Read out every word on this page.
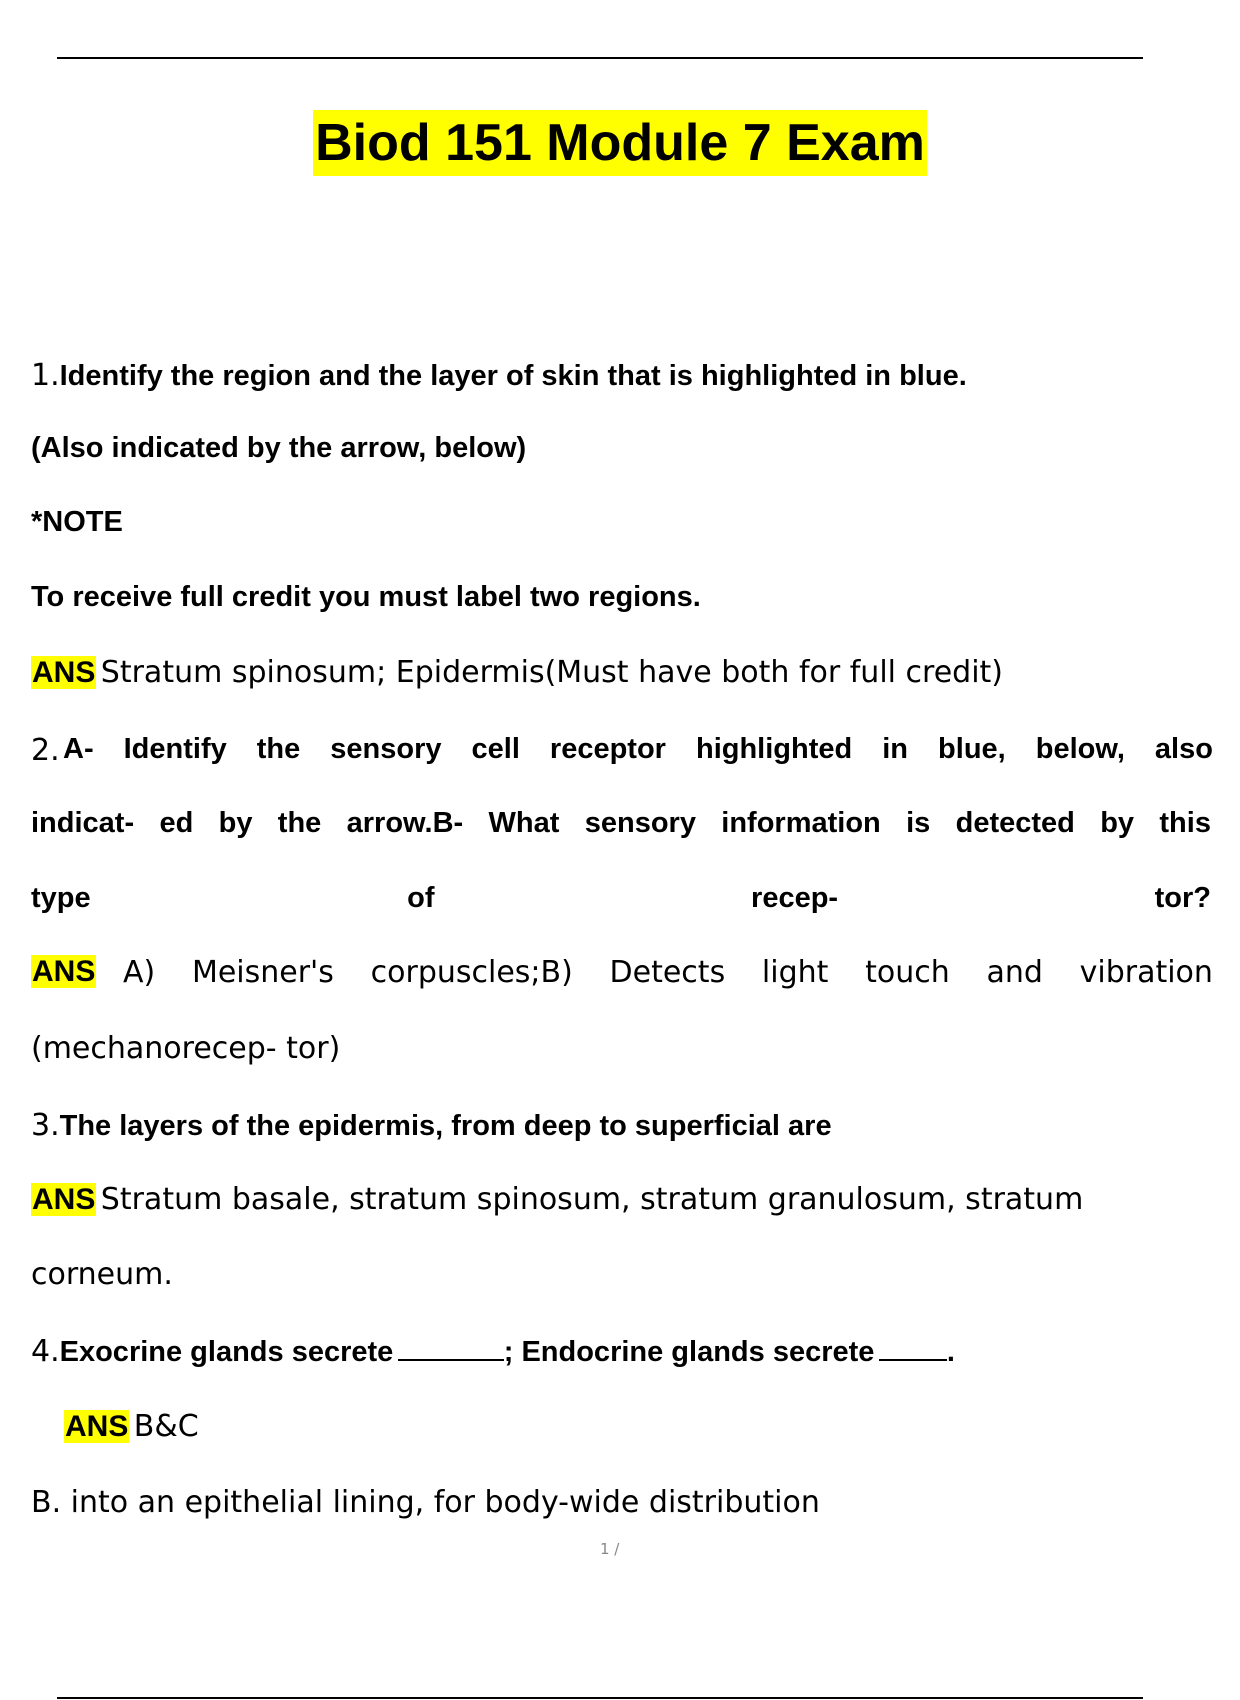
Biod 151 Module 7 Exam
1.Identify the region and the layer of skin that is highlighted in blue.
(Also indicated by the arrow, below)
*NOTE
To receive full credit you must label two regions.
ANS Stratum spinosum; Epidermis(Must have both for full credit)
2. A- Identify the sensory cell receptor highlighted in blue, below, also
indicat- ed by the arrow.B- What sensory information is detected by this
type	of	recep-	tor?
ANS A) Meisner's corpuscles;B) Detects light touch and vibration
(mechanorecep- tor)
3.The layers of the epidermis, from deep to superficial are
ANS Stratum basale, stratum spinosum, stratum granulosum, stratum
corneum.
4.Exocrine glands secrete	; Endocrine glands secrete .
ANS B&C
B. into an epithelial lining, for body-wide distribution
1 /
